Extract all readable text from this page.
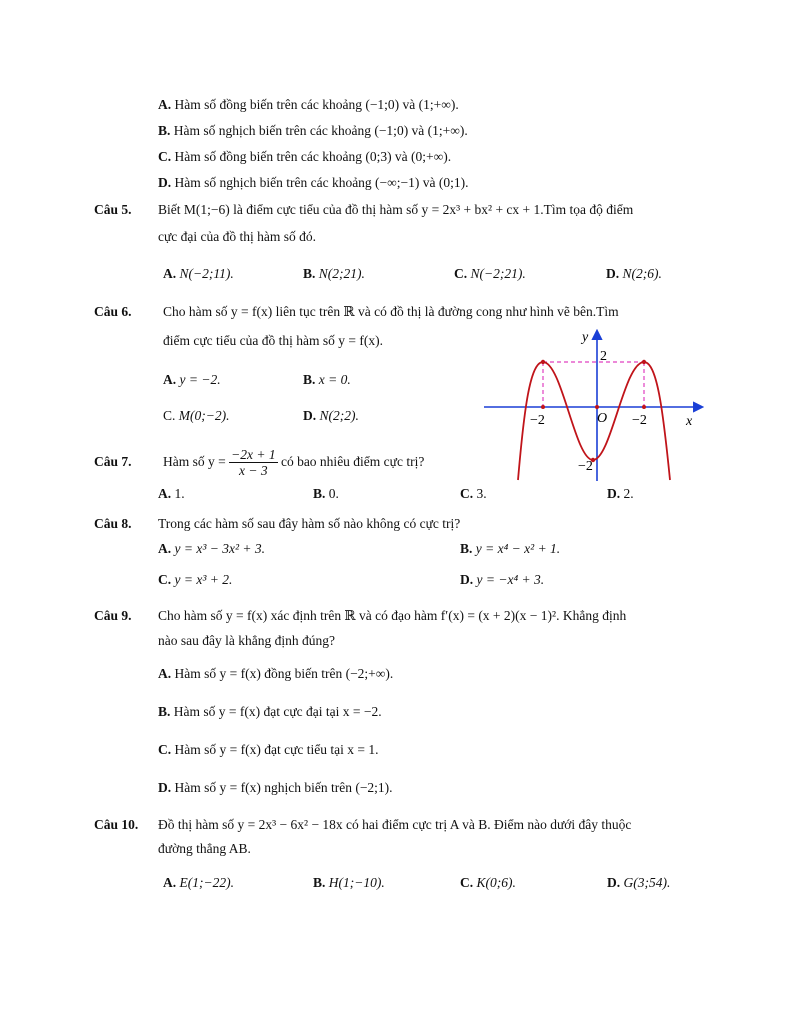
A. Hàm số đồng biến trên các khoảng (−1;0) và (1;+∞).
B. Hàm số nghịch biến trên các khoảng (−1;0) và (1;+∞).
C. Hàm số đồng biến trên các khoảng (0;3) và (0;+∞).
D. Hàm số nghịch biến trên các khoảng (−∞;−1) và (0;1).
Câu 5. Biết M(1;−6) là điểm cực tiểu của đồ thị hàm số y = 2x³ + bx² + cx + 1.Tìm tọa độ điểm
cực đại của đồ thị hàm số đó.
A. N(−2;11).	B. N(2;21).	C. N(−2;21).	D. N(2;6).
Câu 6. Cho hàm số y = f(x) liên tục trên ℝ và có đồ thị là đường cong như hình vẽ bên.Tìm
điểm cực tiểu của đồ thị hàm số y = f(x).
A. y = −2.	B. x = 0.
C. M(0;−2).	D. N(2;2).
y
x
O
2
−2
−2	−2
Câu 7. Hàm số $y = \frac{-2x + 1}{x - 3}$ có bao nhiêu điểm cực trị?
A. 1.	B. 0.	C. 3.	D. 2.
Câu 8. Trong các hàm số sau đây hàm số nào không có cực trị?
A. y = x³ − 3x² + 3.	B. y = x⁴ − x² + 1.
C. y = x³ + 2.	D. y = −x⁴ + 3.
Câu 9. Cho hàm số y = f(x) xác định trên ℝ và có đạo hàm f′(x) = (x + 2)(x − 1)². Khẳng định
nào sau đây là khẳng định đúng?
A. Hàm số y = f(x) đồng biến trên (−2;+∞).
B. Hàm số y = f(x) đạt cực đại tại x = −2.
C. Hàm số y = f(x) đạt cực tiểu tại x = 1.
D. Hàm số y = f(x) nghịch biến trên (−2;1).
Câu 10. Đồ thị hàm số y = 2x³ − 6x² − 18x có hai điểm cực trị A và B. Điểm nào dưới đây thuộc
đường thẳng AB.
A. E(1;−22).	B. H(1;−10).	C. K(0;6).	D. G(3;54).
